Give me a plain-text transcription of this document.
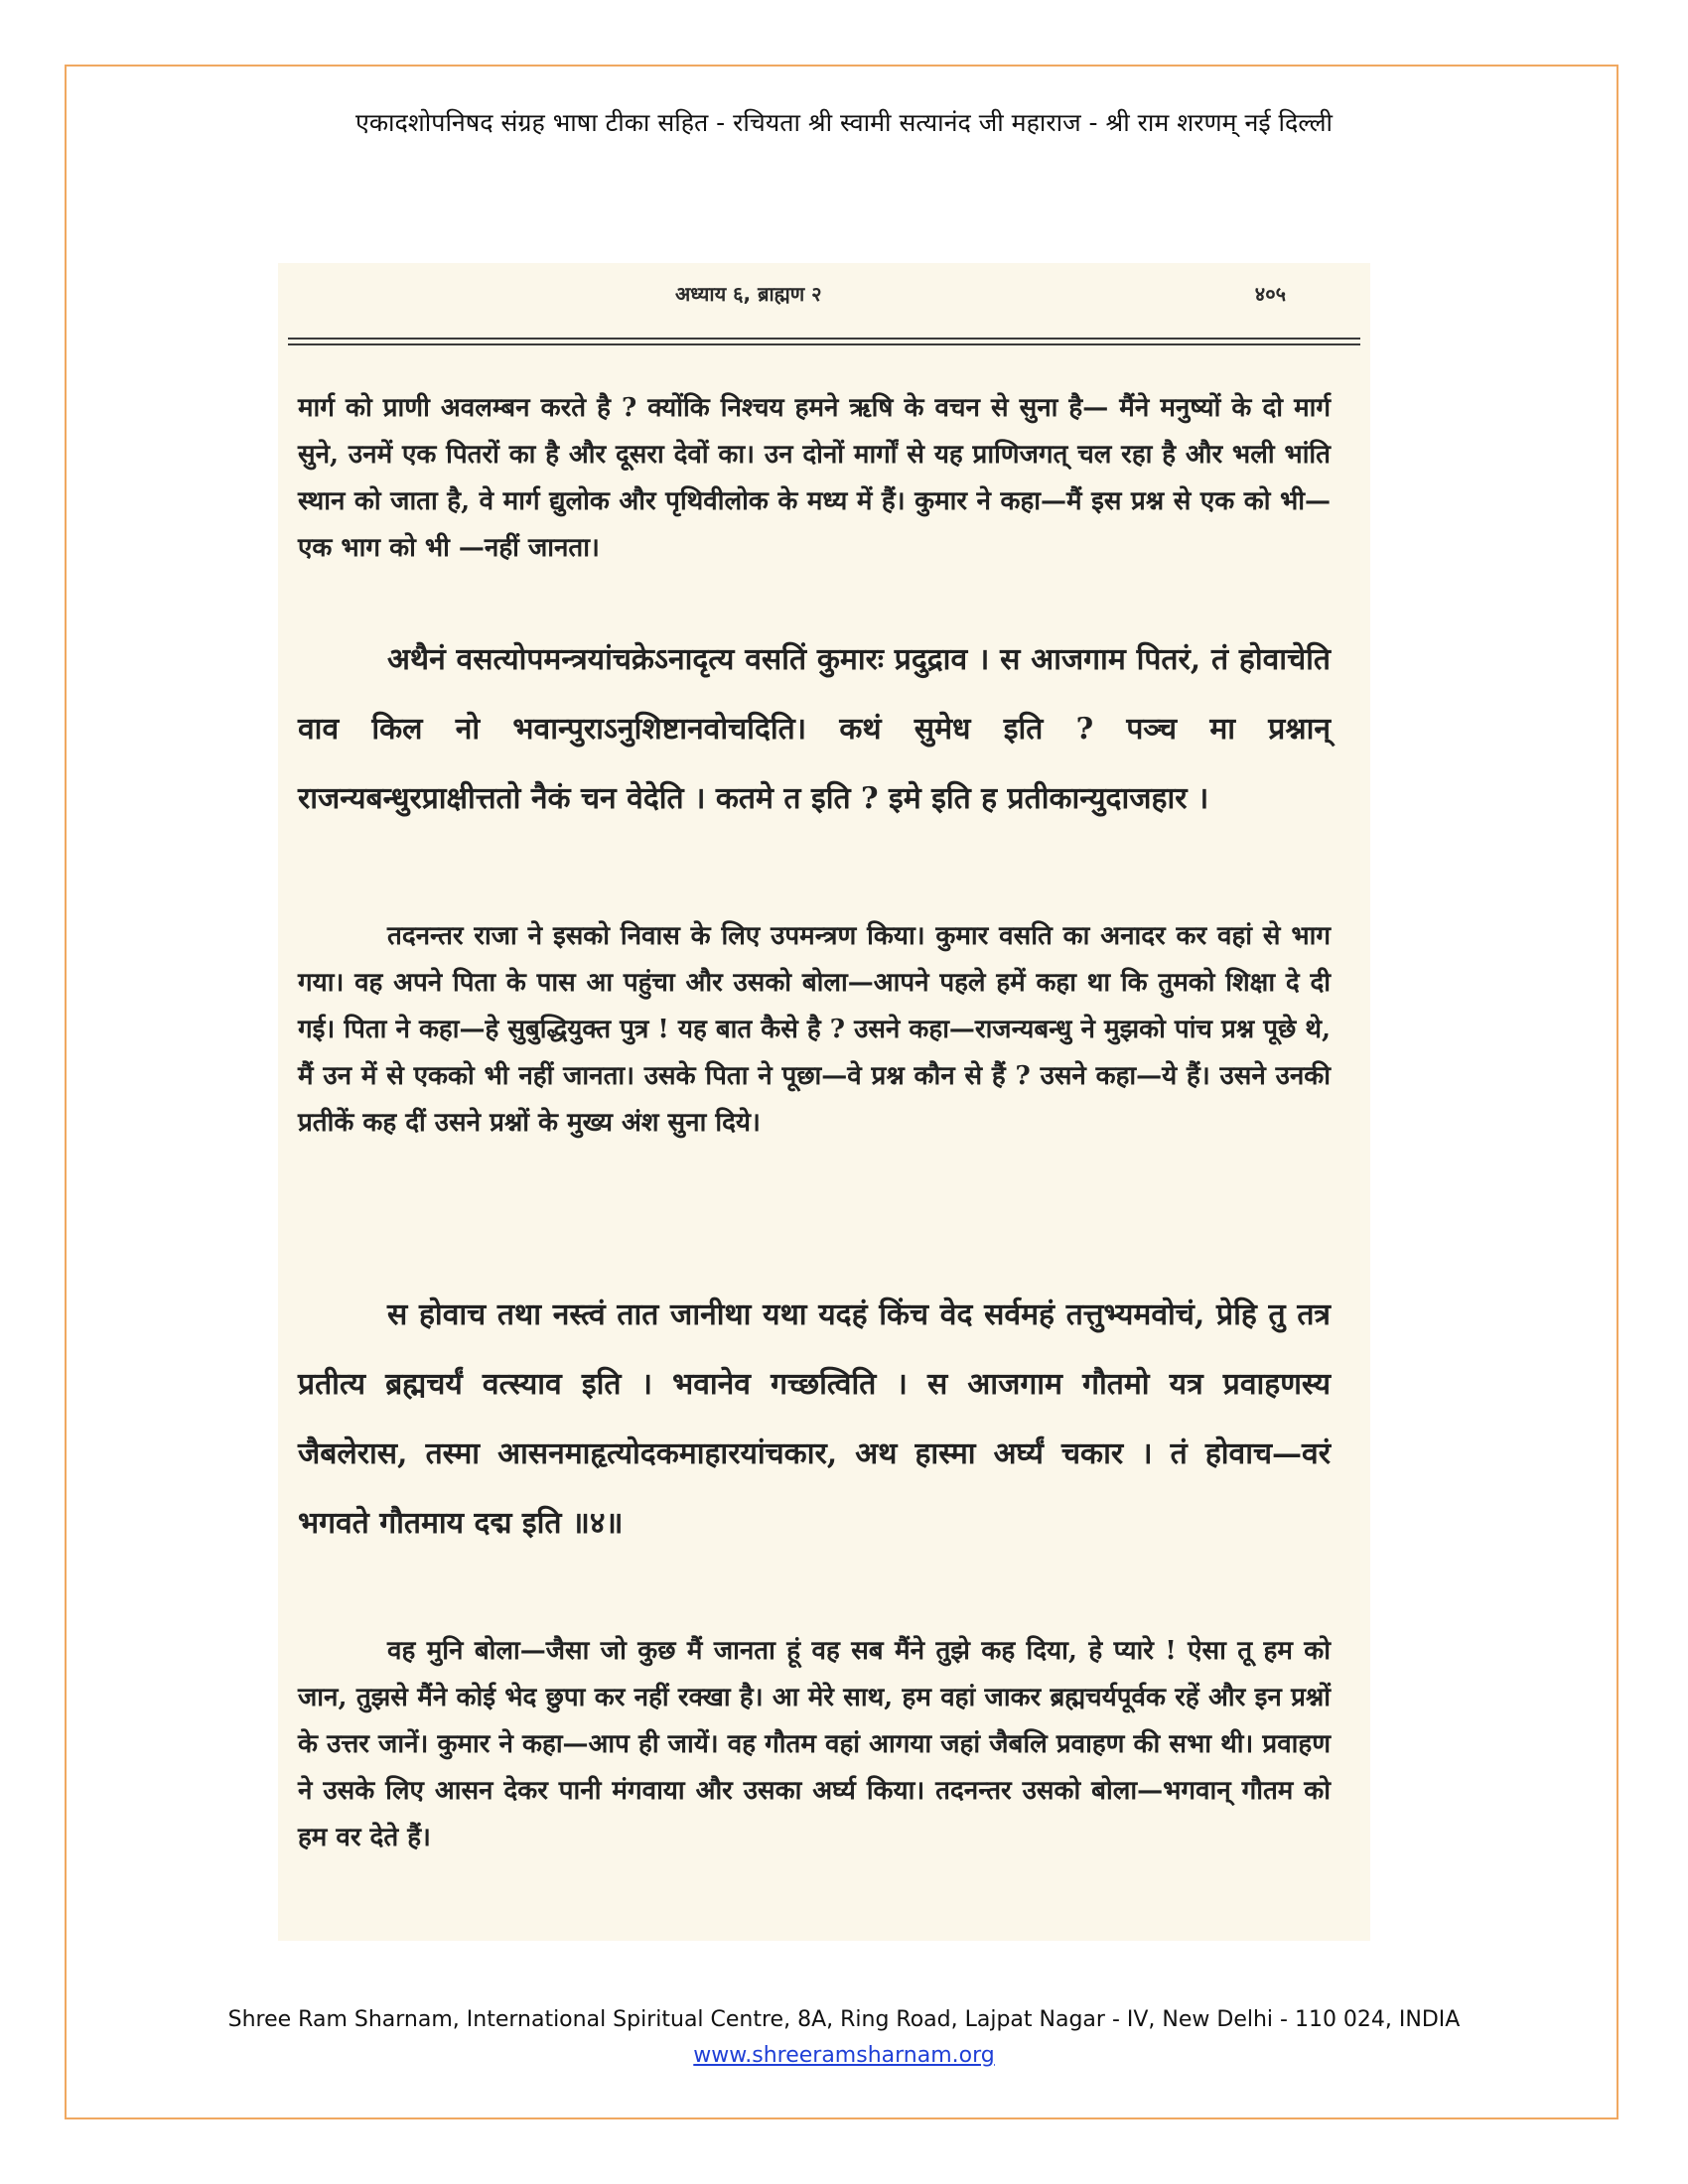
एकादशोपनिषद संग्रह भाषा टीका सहित - रचियता श्री स्वामी सत्यानंद जी महाराज - श्री राम शरणम् नई दिल्ली
अध्याय ६, ब्राह्मण २	४०५

मार्ग को प्राणी अवलम्बन करते है ? क्योंकि निश्चय हमने ऋषि के वचन से सुना है— मैंने मनुष्यों के दो मार्ग सुने, उनमें एक पितरों का है और दूसरा देवों का। उन दोनों मार्गों से यह प्राणिजगत् चल रहा है और भली भांति स्थान को जाता है, वे मार्ग द्युलोक और पृथिवीलोक के मध्य में हैं। कुमार ने कहा—मैं इस प्रश्न से एक को भी—एक भाग को भी —नहीं जानता।

अथैनं वसत्योपमन्त्रयांचक्रेऽनादृत्य वसतिं कुमारः प्रदुद्राव । स आजगाम पितरं, तं होवाचेति वाव किल नो भवान्पुराऽनुशिष्टानवोचदिति। कथं सुमेध इति ? पञ्च मा प्रश्नान् राजन्यबन्धुरप्राक्षीत्ततो नैकं चन वेदेति । कतमे त इति ? इमे इति ह प्रतीकान्युदाजहार ।

तदनन्तर राजा ने इसको निवास के लिए उपमन्त्रण किया। कुमार वसति का अनादर कर वहां से भाग गया। वह अपने पिता के पास आ पहुंचा और उसको बोला—आपने पहले हमें कहा था कि तुमको शिक्षा दे दी गई। पिता ने कहा—हे सुबुद्धियुक्त पुत्र ! यह बात कैसे है ? उसने कहा—राजन्यबन्धु ने मुझको पांच प्रश्न पूछे थे, मैं उन में से एकको भी नहीं जानता। उसके पिता ने पूछा—वे प्रश्न कौन से हैं ? उसने कहा—ये हैं। उसने उनकी प्रतीकें कह दीं उसने प्रश्नों के मुख्य अंश सुना दिये।

स होवाच तथा नस्त्वं तात जानीथा यथा यदहं किंच वेद सर्वमहं तत्तुभ्यमवोचं, प्रेहि तु तत्र प्रतीत्य ब्रह्मचर्यं वत्स्याव इति । भवानेव गच्छत्विति । स आजगाम गौतमो यत्र प्रवाहणस्य जैबलेरास, तस्मा आसनमाहृत्योदकमाहारयांचकार, अथ हास्मा अर्घ्यं चकार । तं होवाच—वरं भगवते गौतमाय दद्म इति ॥४॥

वह मुनि बोला—जैसा जो कुछ मैं जानता हूं वह सब मैंने तुझे कह दिया, हे प्यारे ! ऐसा तू हम को जान, तुझसे मैंने कोई भेद छुपा कर नहीं रक्खा है। आ मेरे साथ, हम वहां जाकर ब्रह्मचर्यपूर्वक रहें और इन प्रश्नों के उत्तर जानें। कुमार ने कहा—आप ही जायें। वह गौतम वहां आगया जहां जैबलि प्रवाहण की सभा थी। प्रवाहण ने उसके लिए आसन देकर पानी मंगवाया और उसका अर्घ्य किया। तदनन्तर उसको बोला—भगवान् गौतम को हम वर देते हैं।

Shree Ram Sharnam, International Spiritual Centre, 8A, Ring Road, Lajpat Nagar - IV, New Delhi - 110 024, INDIA
www.shreeramsharnam.org
